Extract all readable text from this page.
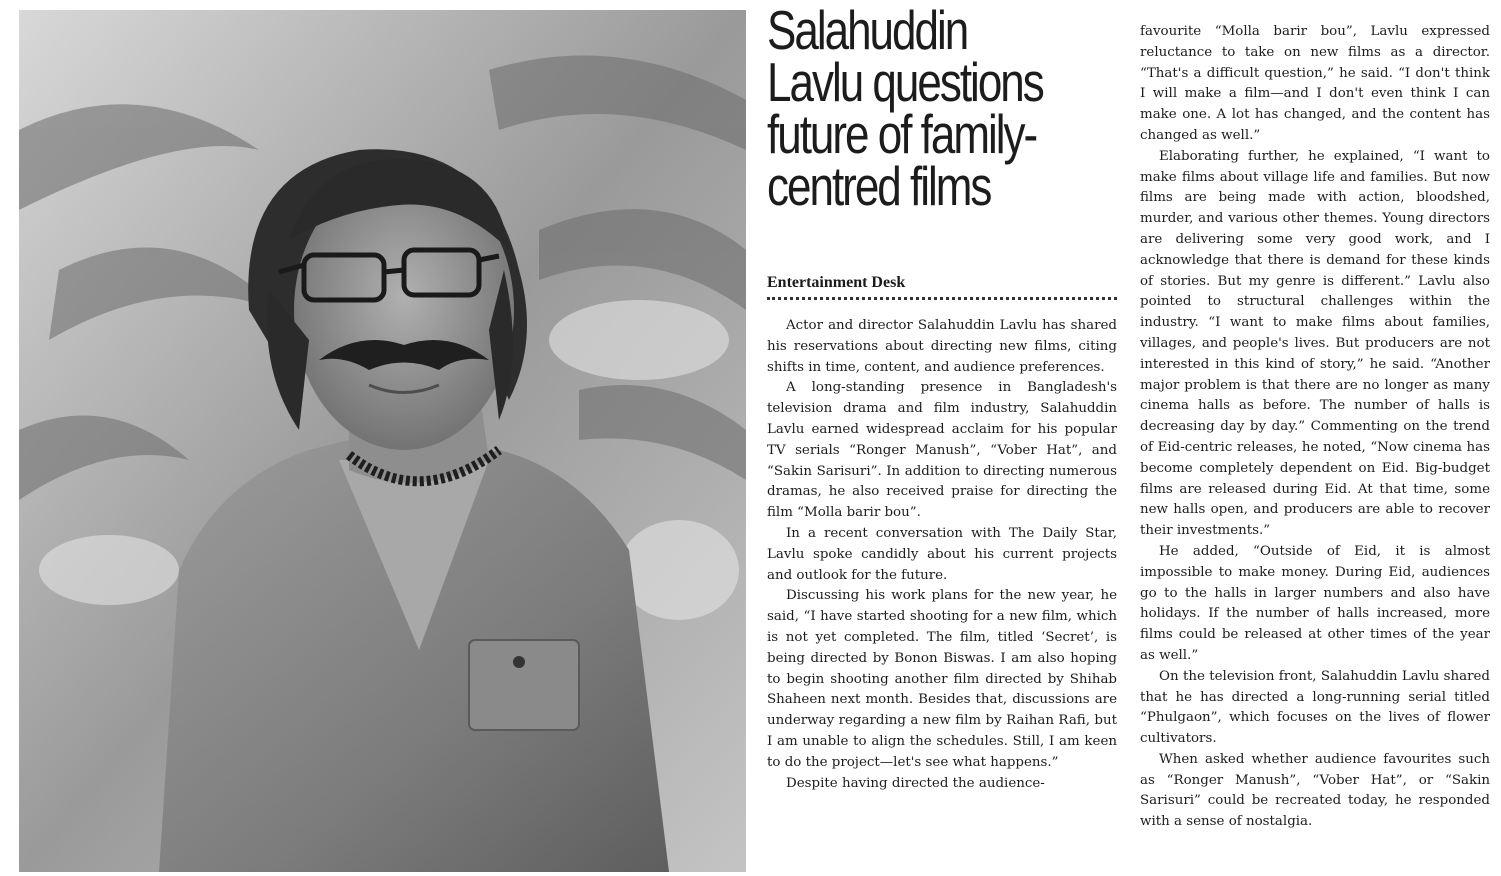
Salahuddin Lavlu questions future of family-centred films

Entertainment Desk

Actor and director Salahuddin Lavlu has shared his reservations about directing new films, citing shifts in time, content, and audience preferences.

A long-standing presence in Bangladesh's television drama and film industry, Salahuddin Lavlu earned widespread acclaim for his popular TV serials “Ronger Manush”, “Vober Hat”, and “Sakin Sarisuri”. In addition to directing numerous dramas, he also received praise for directing the film “Molla barir bou”.

In a recent conversation with The Daily Star, Lavlu spoke candidly about his current projects and outlook for the future.

Discussing his work plans for the new year, he said, “I have started shooting for a new film, which is not yet completed. The film, titled ‘Secret’, is being directed by Bonon Biswas. I am also hoping to begin shooting another film directed by Shihab Shaheen next month. Besides that, discussions are underway regarding a new film by Raihan Rafi, but I am unable to align the schedules. Still, I am keen to do the project—let's see what happens.”

Despite having directed the audience-

favourite “Molla barir bou”, Lavlu expressed reluctance to take on new films as a director. “That's a difficult question,” he said. “I don't think I will make a film—and I don't even think I can make one. A lot has changed, and the content has changed as well.”

Elaborating further, he explained, “I want to make films about village life and families. But now films are being made with action, bloodshed, murder, and various other themes. Young directors are delivering some very good work, and I acknowledge that there is demand for these kinds of stories. But my genre is different.” Lavlu also pointed to structural challenges within the industry. “I want to make films about families, villages, and people's lives. But producers are not interested in this kind of story,” he said. “Another major problem is that there are no longer as many cinema halls as before. The number of halls is decreasing day by day.” Commenting on the trend of Eid-centric releases, he noted, “Now cinema has become completely dependent on Eid. Big-budget films are released during Eid. At that time, some new halls open, and producers are able to recover their investments.”

He added, “Outside of Eid, it is almost impossible to make money. During Eid, audiences go to the halls in larger numbers and also have holidays. If the number of halls increased, more films could be released at other times of the year as well.”

On the television front, Salahuddin Lavlu shared that he has directed a long-running serial titled “Phulgaon”, which focuses on the lives of flower cultivators.

When asked whether audience favourites such as “Ronger Manush”, “Vober Hat”, or “Sakin Sarisuri” could be recreated today, he responded with a sense of nostalgia.
